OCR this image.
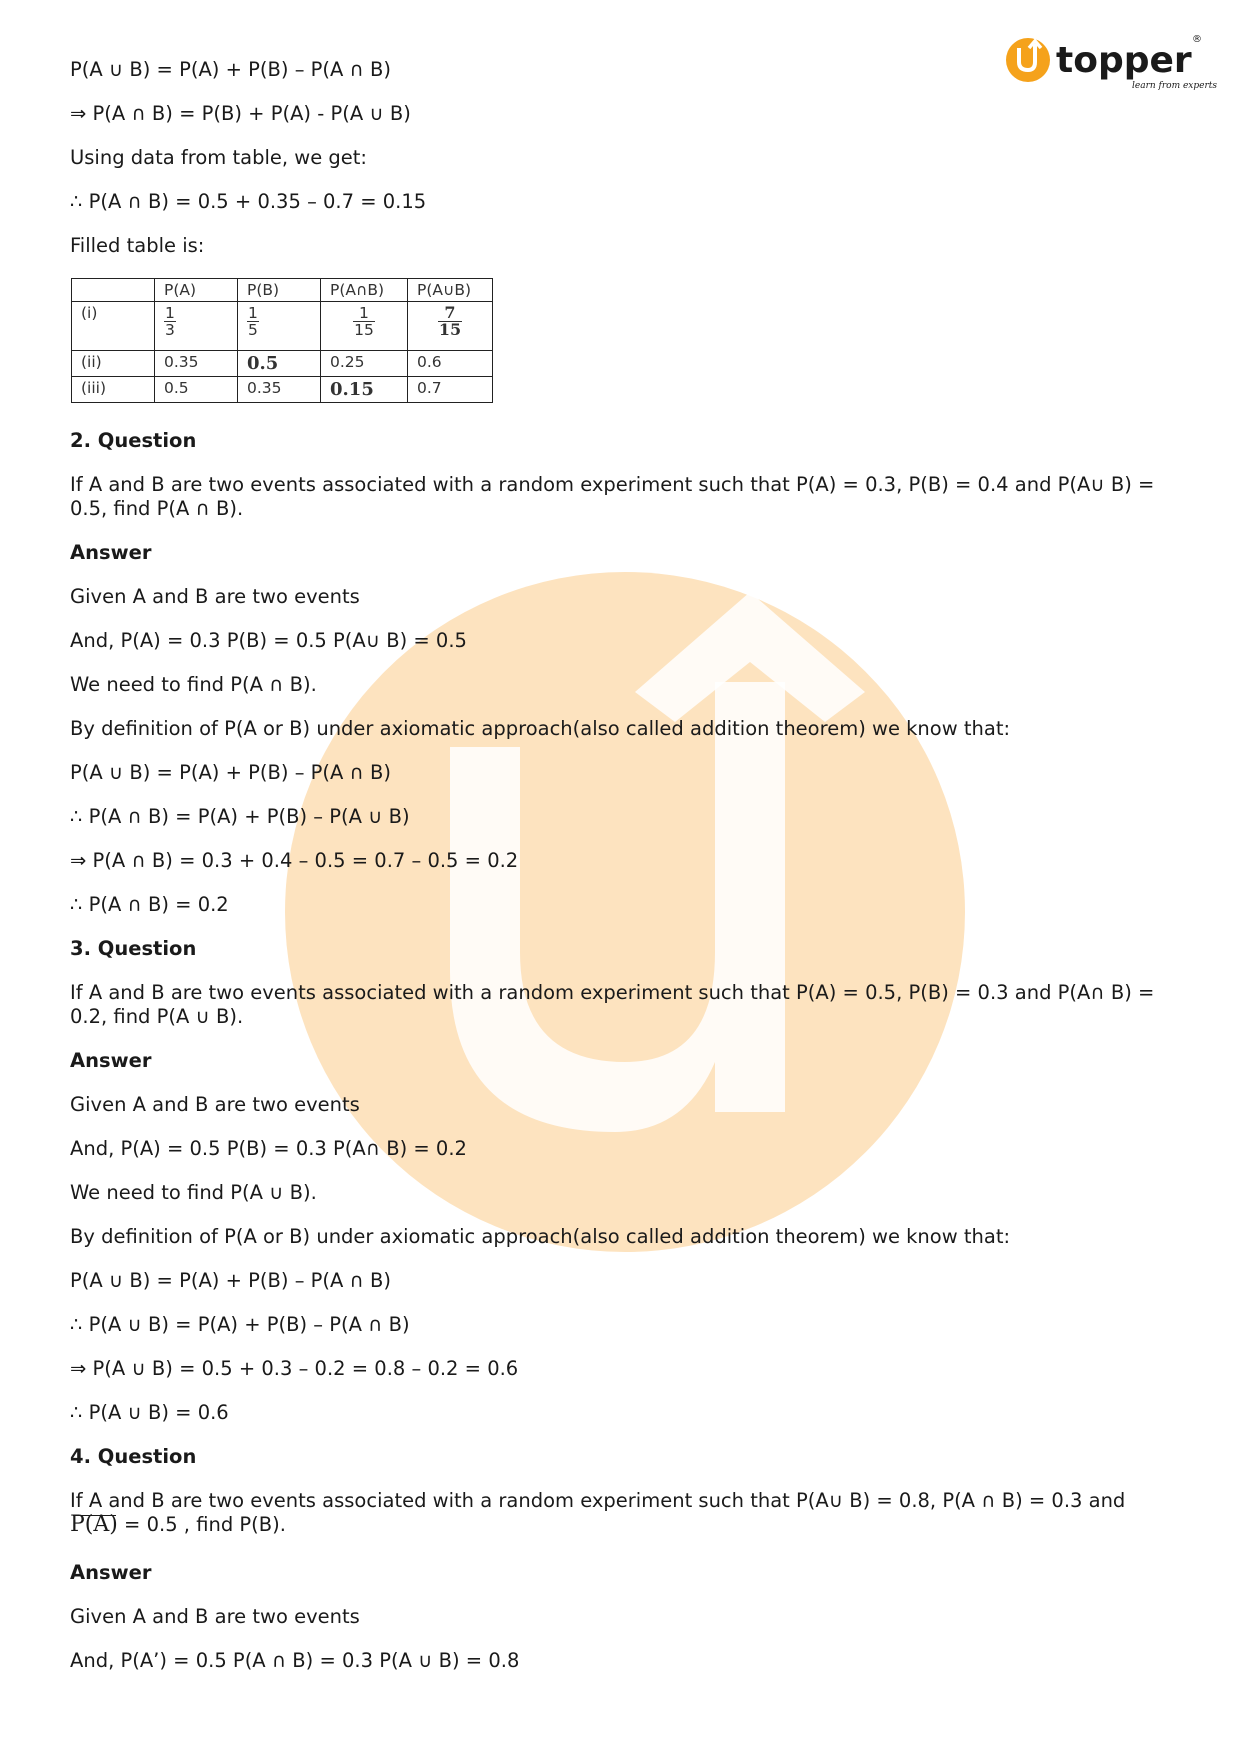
topper
®
learn from experts

P(A ∪ B) = P(A) + P(B) – P(A ∩ B)

⇒ P(A ∩ B) = P(B) + P(A) - P(A ∪ B)

Using data from table, we get:

∴ P(A ∩ B) = 0.5 + 0.35 – 0.7 = 0.15

Filled table is:

	P(A)	P(B)	P(A∩B)	P(A∪B)
(i)	$\frac{1}{3}$	$\frac{1}{5}$	$\frac{1}{15}$	$\frac{7}{15}$

(ii)	0.35	0.5	0.25	0.6
(iii)	0.5	0.35	0.15	0.7

2. Question

If A and B are two events associated with a random experiment such that P(A) = 0.3, P(B) = 0.4 and P(A∪ B) = 0.5, find P(A ∩ B).

Answer

Given A and B are two events

And, P(A) = 0.3 P(B) = 0.5 P(A∪ B) = 0.5

We need to find P(A ∩ B).

By definition of P(A or B) under axiomatic approach(also called addition theorem) we know that:

P(A ∪ B) = P(A) + P(B) – P(A ∩ B)

∴ P(A ∩ B) = P(A) + P(B) – P(A ∪ B)

⇒ P(A ∩ B) = 0.3 + 0.4 – 0.5 = 0.7 – 0.5 = 0.2

∴ P(A ∩ B) = 0.2

3. Question

If A and B are two events associated with a random experiment such that P(A) = 0.5, P(B) = 0.3 and P(A∩ B) = 0.2, find P(A ∪ B).

Answer

Given A and B are two events

And, P(A) = 0.5 P(B) = 0.3 P(A∩ B) = 0.2

We need to find P(A ∪ B).

By definition of P(A or B) under axiomatic approach(also called addition theorem) we know that:

P(A ∪ B) = P(A) + P(B) – P(A ∩ B)

∴ P(A ∪ B) = P(A) + P(B) – P(A ∩ B)

⇒ P(A ∪ B) = 0.5 + 0.3 – 0.2 = 0.8 – 0.2 = 0.6

∴ P(A ∪ B) = 0.6

4. Question

If A and B are two events associated with a random experiment such that P(A∪ B) = 0.8, P(A ∩ B) = 0.3 and
P(A) = 0.5 , find P(B).

Answer

Given A and B are two events

And, P(A’) = 0.5 P(A ∩ B) = 0.3 P(A ∪ B) = 0.8
